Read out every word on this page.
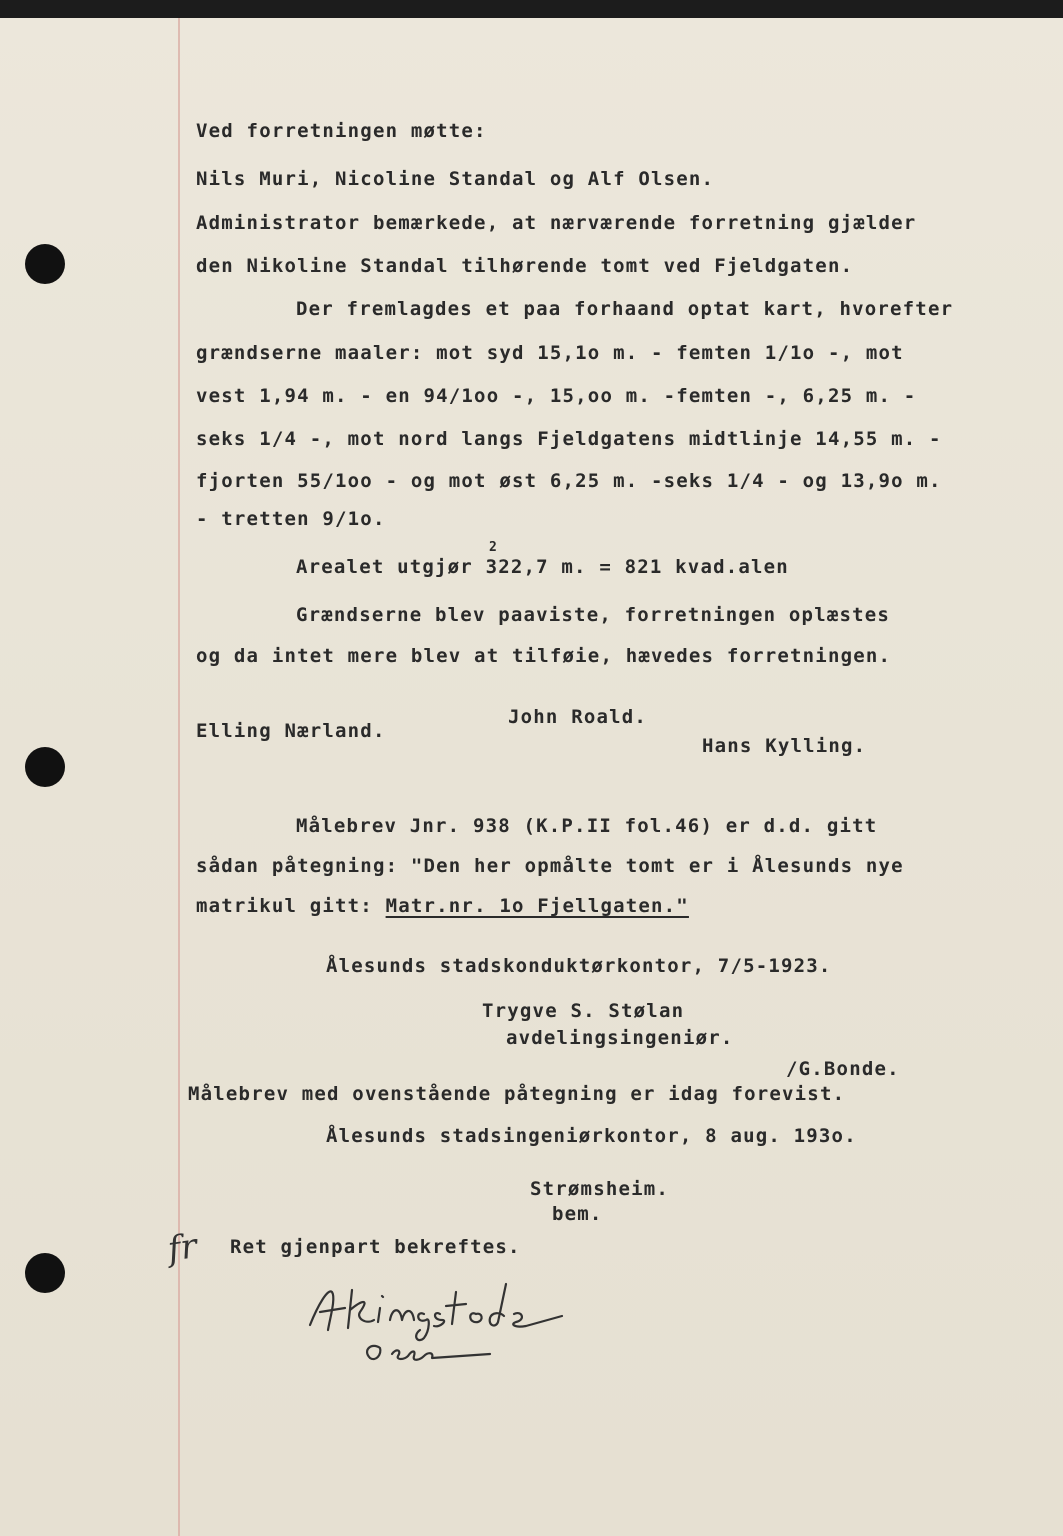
Ved forretningen møtte:
Nils Muri, Nicoline Standal og Alf Olsen.
Administrator bemærkede, at nærværende forretning gjælder
den Nikoline Standal tilhørende tomt ved Fjeldgaten.
Der fremlagdes et paa forhaand optat kart, hvorefter
grændserne maaler: mot syd 15,1o m. - femten 1/1o -, mot
vest 1,94 m. - en 94/1oo -, 15,oo m. -femten -, 6,25 m. -
seks 1/4 -, mot nord langs Fjeldgatens midtlinje 14,55 m. -
fjorten 55/1oo - og mot øst 6,25 m. -seks 1/4 - og 13,9o m.
- tretten 9/1o.
2
Arealet utgjør 322,7 m. = 821 kvad.alen
Grændserne blev paaviste, forretningen oplæstes
og da intet mere blev at tilføie, hævedes forretningen.
John Roald.
Elling Nærland.
Hans Kylling.
Målebrev Jnr. 938 (K.P.II fol.46) er d.d. gitt
sådan påtegning: "Den her opmålte tomt er i Ålesunds nye
matrikul gitt: Matr.nr. 1o Fjellgaten."
Ålesunds stadskonduktørkontor, 7/5-1923.
Trygve S. Stølan
avdelingsingeniør.
/G.Bonde.
Målebrev med ovenstående påtegning er idag forevist.
Ålesunds stadsingeniørkontor, 8 aug. 193o.
Strømsheim.
bem.
fr Ret gjenpart bekreftes.
